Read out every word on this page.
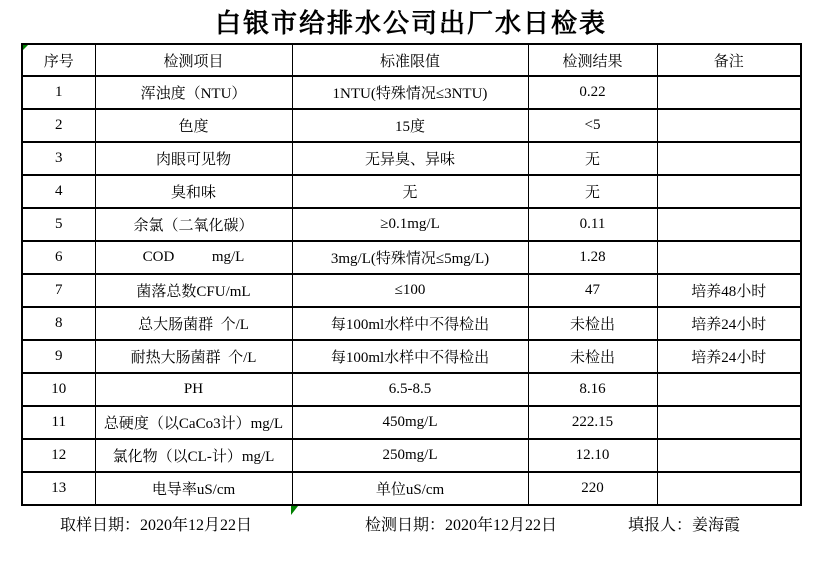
白银市给排水公司出厂水日检表
序号	检测项目	标准限值	检测结果	备注
1	浑浊度（NTU）	1NTU(特殊情况≤3NTU)	0.22	
2	色度	15度	<5	
3	肉眼可见物	无异臭、异味	无	
4	臭和味	无	无	
5	余氯（二氧化碳）	≥0.1mg/L	0.11	
6	COD          mg/L	3mg/L(特殊情况≤5mg/L)	1.28	
7	菌落总数CFU/mL	≤100	47	培养48小时
8	总大肠菌群  个/L	每100ml水样中不得检出	未检出	培养24小时
9	耐热大肠菌群  个/L	每100ml水样中不得检出	未检出	培养24小时
10	PH	6.5-8.5	8.16	
11	总硬度（以CaCo3计）mg/L	450mg/L	222.15	
12	氯化物（以CL-计）mg/L	250mg/L	12.10	
13	电导率uS/cm	单位uS/cm	220	
取样日期：2020年12月22日	检测日期：2020年12月22日	填报人：姜海霞
